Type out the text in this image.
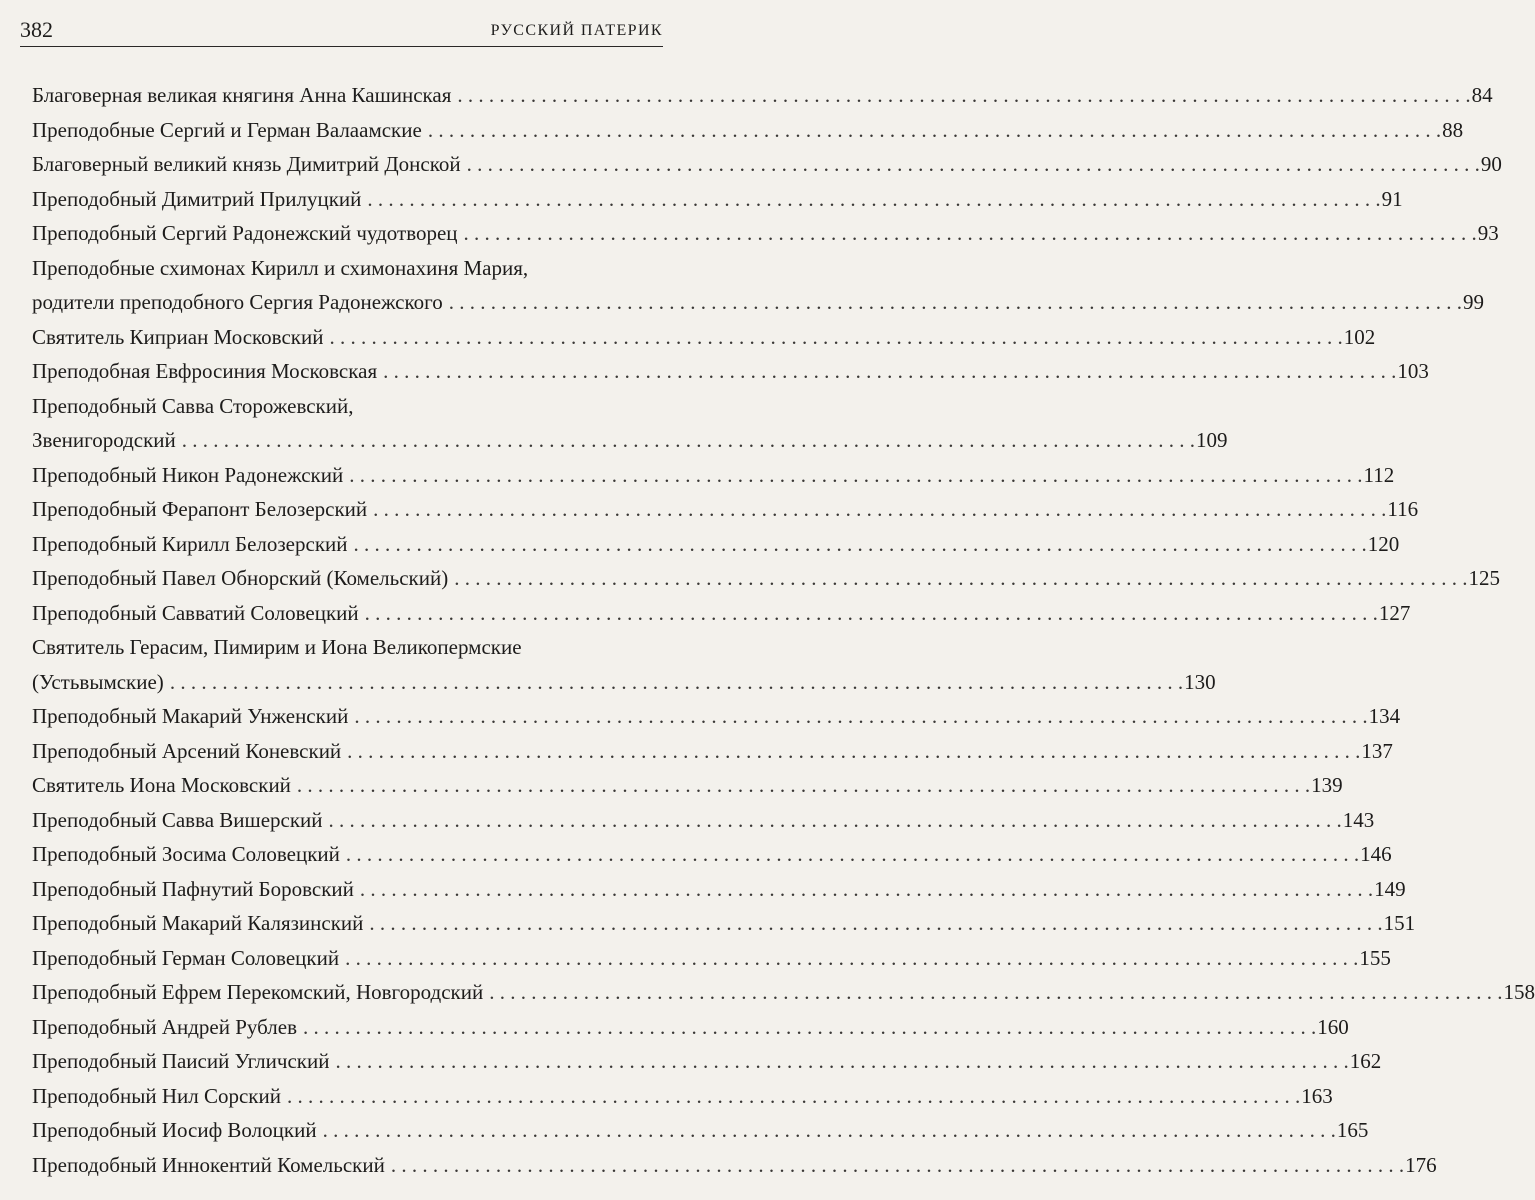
382	РУССКИЙ ПАТЕРИК
Благоверная великая княгиня Анна Кашинская . . .	84
Преподобные Сергий и Герман Валаамские . . .	88
Благоверный великий князь Димитрий Донской . . .	90
Преподобный Димитрий Прилуцкий . . .	91
Преподобный Сергий Радонежский чудотворец . . .	93
Преподобные схимонах Кирилл и схимонахиня Мария,
родители преподобного Сергия Радонежского . . .	99
Святитель Киприан Московский . . .	102
Преподобная Евфросиния Московская . . .	103
Преподобный Савва Сторожевский,
Звенигородский . . .	109
Преподобный Никон Радонежский . . .	112
Преподобный Ферапонт Белозерский . . .	116
Преподобный Кирилл Белозерский . . .	120
Преподобный Павел Обнорский (Комельский) . . .	125
Преподобный Савватий Соловецкий . . .	127
Святитель Герасим, Пимирим и Иона Великопермские
(Устьвымские) . . .	130
Преподобный Макарий Унженский . . .	134
Преподобный Арсений Коневский . . .	137
Святитель Иона Московский . . .	139
Преподобный Савва Вишерский . . .	143
Преподобный Зосима Соловецкий . . .	146
Преподобный Пафнутий Боровский . . .	149
Преподобный Макарий Калязинский . . .	151
Преподобный Герман Соловецкий . . .	155
Преподобный Ефрем Перекомский, Новгородский . . .	158
Преподобный Андрей Рублев . . .	160
Преподобный Паисий Угличский . . .	162
Преподобный Нил Сорский . . .	163
Преподобный Иосиф Волоцкий . . .	165
Преподобный Иннокентий Комельский . . .	176
